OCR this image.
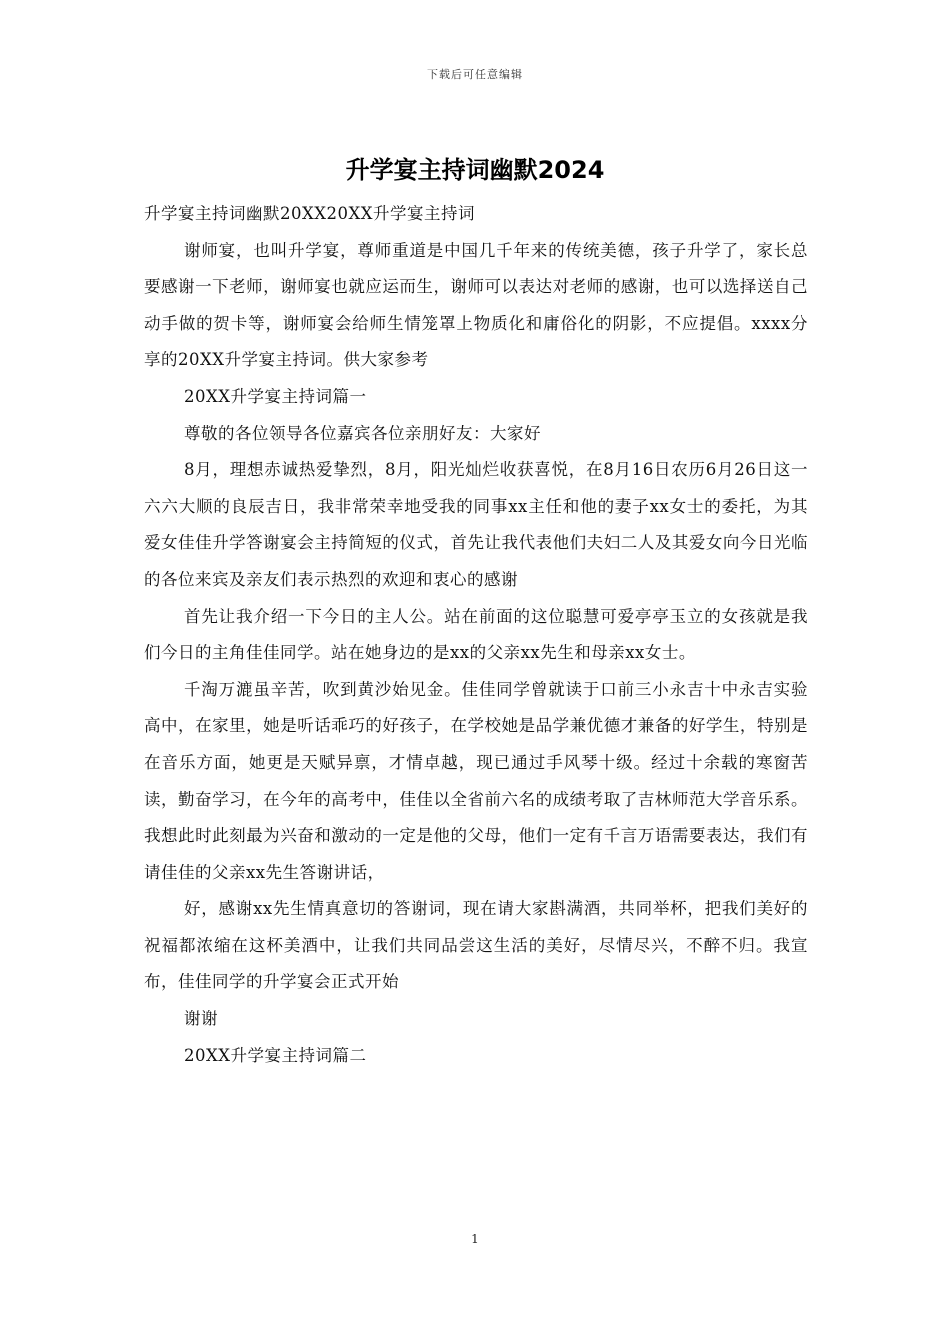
下载后可任意编辑
升学宴主持词幽默2024

升学宴主持词幽默20XX20XX升学宴主持词

谢师宴，也叫升学宴，尊师重道是中国几千年来的传统美德，孩子升学了，家长总要感谢一下老师，谢师宴也就应运而生，谢师可以表达对老师的感谢，也可以选择送自己动手做的贺卡等，谢师宴会给师生情笼罩上物质化和庸俗化的阴影，不应提倡。xxxx分享的20XX升学宴主持词。供大家参考

20XX升学宴主持词篇一

尊敬的各位领导各位嘉宾各位亲朋好友：大家好

8月，理想赤诚热爱挚烈，8月，阳光灿烂收获喜悦，在8月16日农历6月26日这一六六大顺的良辰吉日，我非常荣幸地受我的同事xx主任和他的妻子xx女士的委托，为其爱女佳佳升学答谢宴会主持简短的仪式，首先让我代表他们夫妇二人及其爱女向今日光临的各位来宾及亲友们表示热烈的欢迎和衷心的感谢

首先让我介绍一下今日的主人公。站在前面的这位聪慧可爱亭亭玉立的女孩就是我们今日的主角佳佳同学。站在她身边的是xx的父亲xx先生和母亲xx女士。

千淘万漉虽辛苦，吹到黄沙始见金。佳佳同学曾就读于口前三小永吉十中永吉实验高中，在家里，她是听话乖巧的好孩子，在学校她是品学兼优德才兼备的好学生，特别是在音乐方面，她更是天赋异禀，才情卓越，现已通过手风琴十级。经过十余载的寒窗苦读，勤奋学习，在今年的高考中，佳佳以全省前六名的成绩考取了吉林师范大学音乐系。我想此时此刻最为兴奋和激动的一定是他的父母，他们一定有千言万语需要表达，我们有请佳佳的父亲xx先生答谢讲话，

好，感谢xx先生情真意切的答谢词，现在请大家斟满酒，共同举杯，把我们美好的祝福都浓缩在这杯美酒中，让我们共同品尝这生活的美好，尽情尽兴，不醉不归。我宣布，佳佳同学的升学宴会正式开始

谢谢

20XX升学宴主持词篇二

1
